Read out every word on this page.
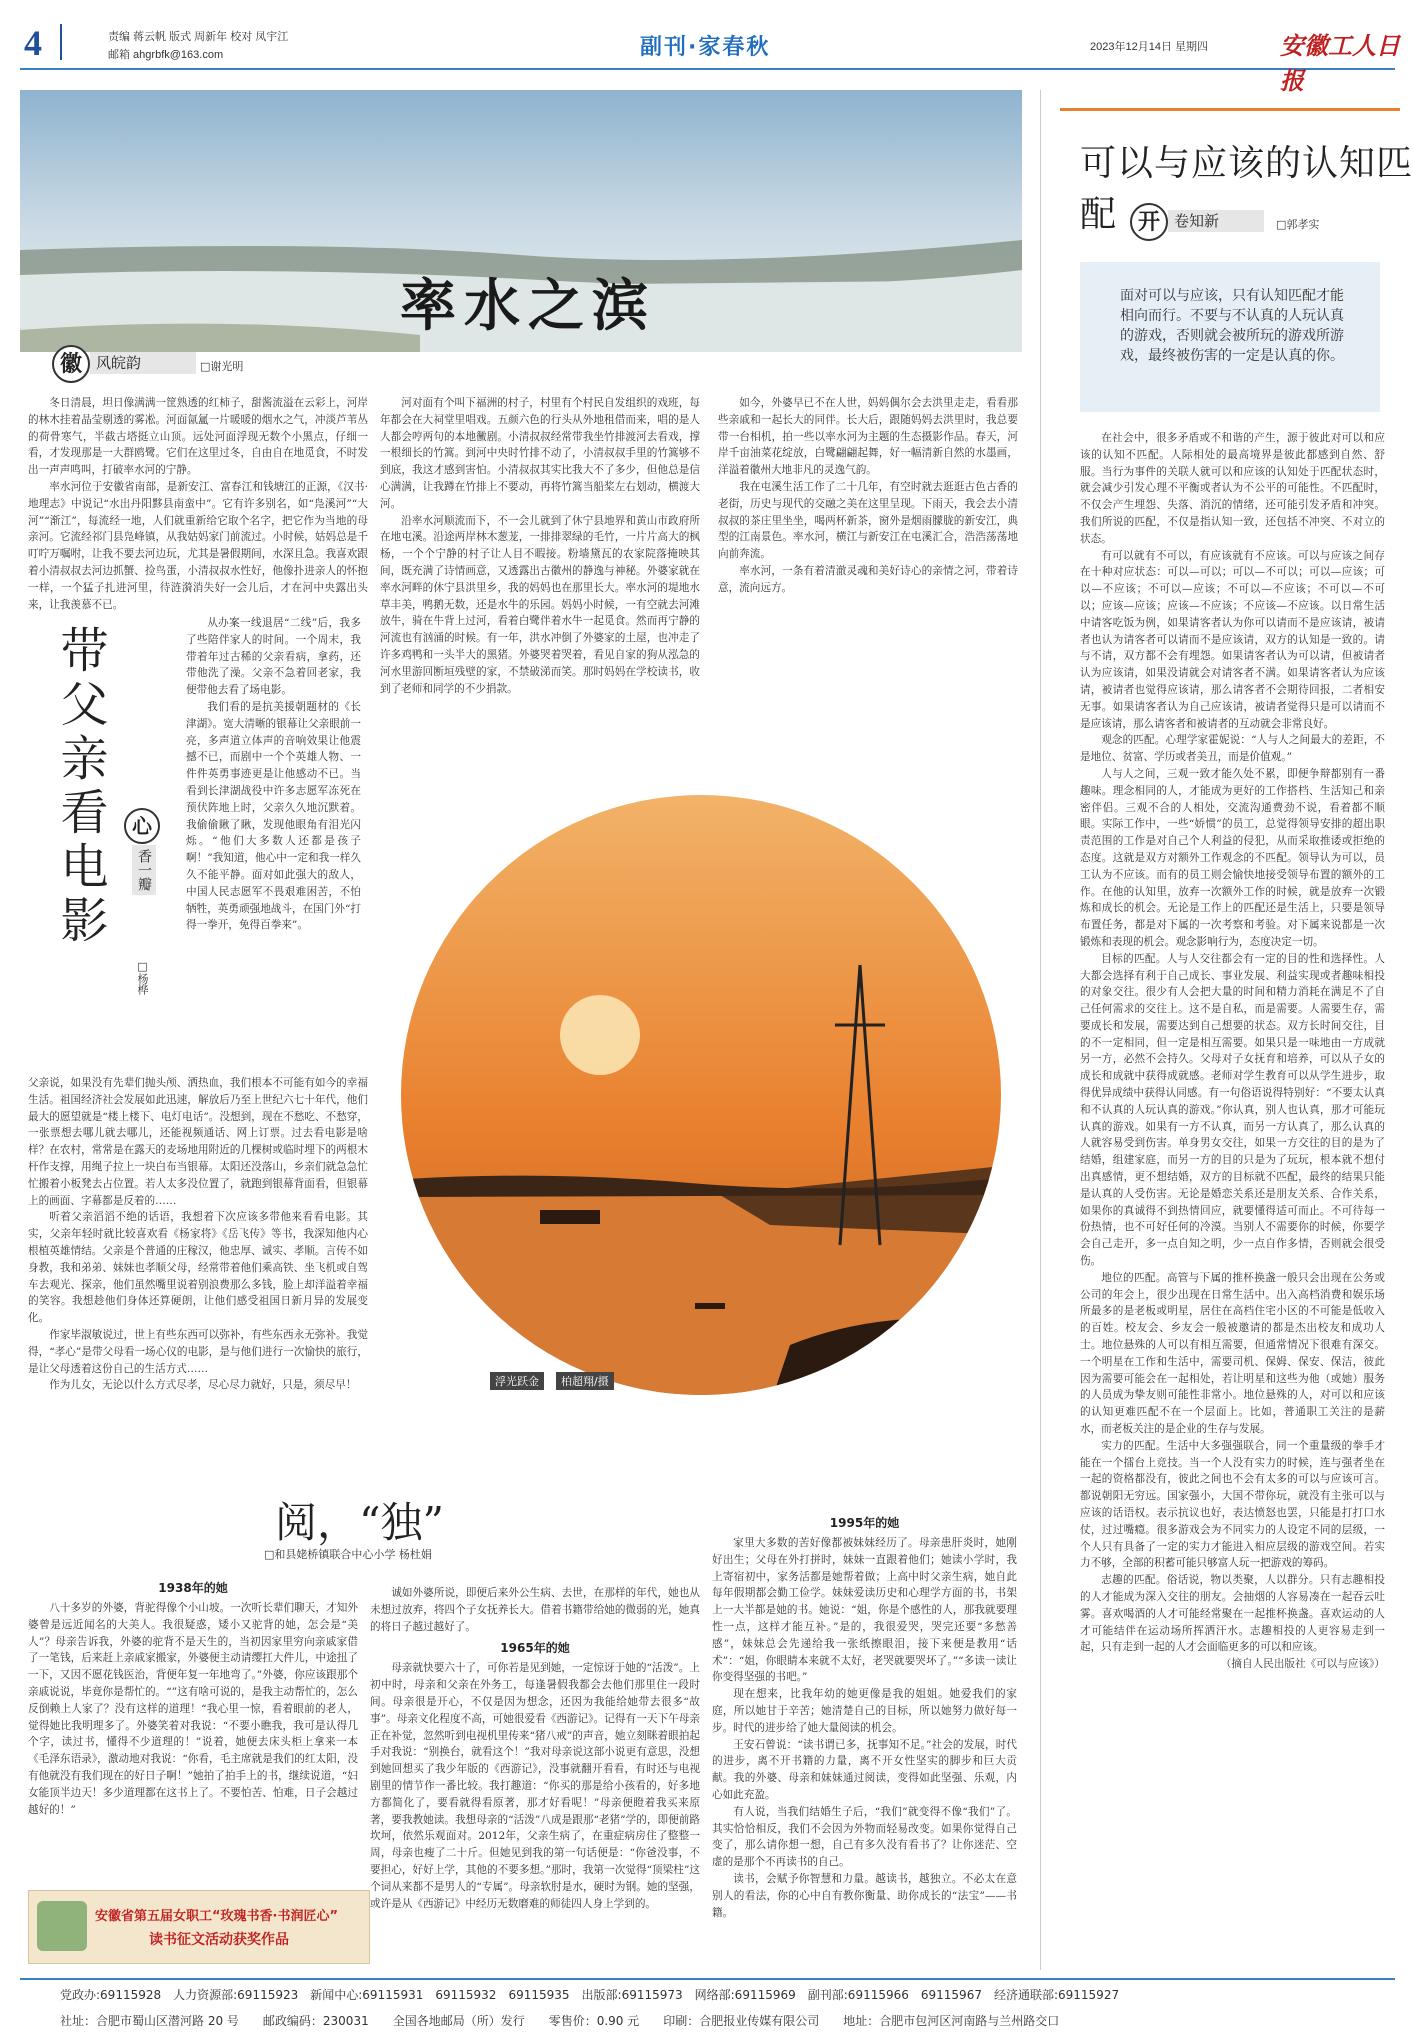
4	责编 蒋云帆 版式 周新年 校对 凤宇江
邮箱 ahgrbfk@163.com	副刊·家春秋	2023年12月14日 星期四	安徽工人日报
率水之滨
徽 风皖韵	□谢光明

冬日清晨，坦日像满满一筐熟透的红柿子，甜酱流溢在云彩上，河岸的林木挂着晶莹剔透的雾凇。河面氤氲一片暖暖的烟水之气，冲淡芦苇丛的荷骨寒气，半截古塔挺立山顶。远处河面浮现无数个小黑点，仔细一看，才发现那是一大群鸥鹭。它们在这里过冬，自由自在地觅食，不时发出一声声鸣叫，打破率水河的宁静。

率水河位于安徽省南部，是新安江、富春江和钱塘江的正源，《汉书·地理志》中说记“水出丹阳黟县南蛮中”。它有许多别名，如“凫溪河”“大河”“渐江”，每流经一地，人们就重新给它取个名字，把它作为当地的母亲河。它流经祁门县凫峰镇，从我姑妈家门前流过。小时候，姑妈总是千叮咛万嘱咐，让我不要去河边玩，尤其是暑假期间，水深且急。我喜欢跟着小清叔叔去河边抓蟹、捡鸟蛋，小清叔叔水性好，他像扑进亲人的怀抱一样，一个猛子扎进河里，待涟漪消失好一会儿后，才在河中央露出头来，让我羡慕不已。

河对面有个叫下福洲的村子，村里有个村民自发组织的戏班，每年都会在大祠堂里唱戏。五颜六色的行头从外地租借而来，唱的是人人都会哼两句的本地黴剧。小清叔叔经常带我坐竹排渡河去看戏，撑一根细长的竹篙。到河中央时竹排不动了，小清叔叔手里的竹篙够不到底，我这才感到害怕。小清叔叔其实比我大不了多少，但他总是信心满满，让我蹲在竹排上不要动，再将竹篙当船桨左右划动，横渡大河。

沿率水河顺流而下，不一会儿就到了休宁县地界和黄山市政府所在地屯溪。沿途两岸林木葱茏，一排排翠绿的毛竹，一片片高大的枫杨，一个个宁静的村子让人目不暇接。粉墙黛瓦的农家院落掩映其间，既充满了诗情画意，又透露出古徽州的静逸与神秘。外婆家就在率水河畔的休宁县洪里乡，我的妈妈也在那里长大。率水河的堤地水草丰美，鸭鹅无数，还是水牛的乐园。妈妈小时候，一有空就去河滩放牛，骑在牛背上过河，看着白鹭伴着水牛一起觅食。然而再宁静的河流也有汹涌的时候。有一年，洪水冲倒了外婆家的土屋，也冲走了许多鸡鸭和一头半大的黑猪。外婆哭着哭着，看见自家的狗从泓急的河水里游回断垣残壁的家，不禁破涕而笑。那时妈妈在学校读书，收到了老师和同学的不少捐款。

如今，外婆早已不在人世，妈妈偶尔会去洪里走走，看看那些亲戚和一起长大的同伴。长大后，跟随妈妈去洪里时，我总要带一台相机，拍一些以率水河为主题的生态摄影作品。春天，河岸千亩油菜花绽放，白鹭翩翩起舞，好一幅清新自然的水墨画，洋溢着徽州大地非凡的灵逸气韵。

我在屯溪生活工作了二十几年，有空时就去逛逛古色古香的老街，历史与现代的交融之美在这里呈现。下雨天，我会去小清叔叔的茶庄里坐坐，喝两杯新茶，窗外是烟雨朦胧的新安江，典型的江南景色。率水河，横江与新安江在屯溪汇合，浩浩荡荡地向前奔流。

率水河，一条有着清澈灵魂和美好诗心的亲情之河，带着诗意，流向远方。

带父亲看电影	心
香一瓣
□杨桦

从办案一线退居“二线”后，我多了些陪伴家人的时间。一个周末，我带着年过古稀的父亲看病，拿药，还带他洗了澡。父亲不急着回老家，我便带他去看了场电影。

我们看的是抗美援朝题材的《长津湖》。宽大清晰的银幕让父亲眼前一亮，多声道立体声的音响效果让他震撼不已，而剧中一个个英雄人物、一件件英勇事迹更是让他感动不已。当看到长津湖战役中许多志愿军冻死在预伏阵地上时，父亲久久地沉默着。我偷偷瞅了瞅，发现他眼角有泪光闪烁。“他们大多数人还都是孩子啊！”我知道，他心中一定和我一样久久不能平静。面对如此强大的敌人，中国人民志愿军不畏艰难困苦，不怕牺牲，英勇顽强地战斗，在国门外“打得一拳开，免得百拳来”。

父亲说，如果没有先辈们抛头颅、洒热血，我们根本不可能有如今的幸福生活。祖国经济社会发展如此迅速，解放后乃至上世纪六七十年代，他们最大的愿望就是“楼上楼下、电灯电话”。没想到，现在不愁吃、不愁穿，一张票想去哪儿就去哪儿，还能视频通话、网上订票。过去看电影是啥样？在农村，常常是在露天的麦场地用附近的几棵树或临时埋下的两根木杆作支撑，用绳子拉上一块白布当银幕。太阳还没落山，乡亲们就急急忙忙搬着小板凳去占位置。若人太多没位置了，就跑到银幕背面看，但银幕上的画面、字幕都是反着的……

听着父亲滔滔不绝的话语，我想着下次应该多带他来看看电影。其实，父亲年轻时就比较喜欢看《杨家将》《岳飞传》等书，我深知他内心根植英雄情结。父亲是个普通的庄稼汉，他忠厚、诚实、孝顺。言传不如身教，我和弟弟、妹妹也孝顺父母，经常带着他们乘高铁、坐飞机或自驾车去观光、探亲，他们虽然嘴里说着别浪费那么多钱，脸上却洋溢着幸福的笑容。我想趁他们身体还算硬朗，让他们感受祖国日新月异的发展变化。

作家毕淑敏说过，世上有些东西可以弥补，有些东西永无弥补。我觉得，“孝心”是带父母看一场心仪的电影，是与他们进行一次愉快的旅行，是让父母透着这份自己的生活方式……

作为儿女，无论以什么方式尽孝，尽心尽力就好，只是，须尽早！	浮光跃金	柏超翔/摄
阅，“独”
□和县姥桥镇联合中心小学 杨杜娟
1938年的她

八十多岁的外婆，背驼得像个小山坡。一次听长辈们聊天，才知外婆曾是远近闻名的大美人。我很疑惑，矮小又驼背的她，怎会是“美人”？母亲告诉我，外婆的驼背不是天生的，当初因家里穷向亲戚家借了一笔钱，后来赶上亲戚家搬家，外婆便主动请缨扛大件儿，中途扭了一下，又因不愿花钱医治，背便年复一年地弯了。”外婆，你应该跟那个亲戚说说，毕竟你是帮忙的。“”这有啥可说的，是我主动帮忙的，怎么反倒赖上人家了？没有这样的道理！“我心里一惊，看着眼前的老人，觉得她比我明理多了。外婆笑着对我说：“不要小瞧我，我可是认得几个字，读过书，懂得不少道理的！”说着，她便去床头柜上拿来一本《毛泽东语录》，激动地对我说：“你看，毛主席就是我们的红太阳，没有他就没有我们现在的好日子啊！”她拍了拍手上的书，继续说道，“妇女能顶半边天！多少道理都在这书上了。不要怕苦、怕难，日子会越过越好的！”

诚如外婆所说，即便后来外公生病、去世，在那样的年代，她也从未想过放弃，将四个子女抚养长大。借着书籍带给她的微弱的光，她真的将日子越过越好了。

1965年的她

母亲就快要六十了，可你若是见到她，一定惊讶于她的“活泼”。上初中时，母亲和父亲在外务工，每逢暑假我都会去他们那里住一段时间。母亲很是开心，不仅是因为想念，还因为我能给她带去很多“故事”。母亲文化程度不高，可她很爱看《西游记》。记得有一天下午母亲正在补觉，忽然听到电视机里传来“猪八戒”的声音，她立刻眯着眼拍起手对我说：“别换台，就看这个！”我对母亲说这部小说更有意思，没想到她回想买了我少年版的《西游记》，没事就翻开看看，有时还与电视剧里的情节作一番比较。我打趣道：“你买的那是给小孩看的，好多地方都简化了，要看就得看原著，那才好看呢！”母亲便瞪着我买来原著，要我教她读。我想母亲的“活泼”八成是跟那“老猪”学的，即便前路坎坷，依然乐观面对。2012年，父亲生病了，在重症病房住了整整一周，母亲也瘦了二十斤。但她见到我的第一句话便是：“你爸没事，不要担心，好好上学，其他的不要多想。”那时，我第一次觉得“顶梁柱”这个词从来都不是男人的“专属”。母亲软肘是水，硬时为钢。她的坚强，或许是从《西游记》中经历无数磨难的师徒四人身上学到的。

1995年的她

家里大多数的苦好像都被妹妹经历了。母亲患肝炎时，她刚好出生；父母在外打拼时，妹妹一直跟着他们；她读小学时，我上寄宿初中，家务活都是她帮着做；上高中时父亲生病，她自此每年假期都会勤工俭学。妹妹爱读历史和心理学方面的书，书架上一大半都是她的书。她说：“姐，你是个感性的人，那我就要理性一点，这样才能互补。”是的，我很爱哭，哭完还要“多愁善感”，妹妹总会先递给我一张纸擦眼泪，接下来便是教用“话术”：“姐，你眼睛本来就不太好，老哭就要哭坏了。”“多读一读让你变得坚强的书吧。”

现在想来，比我年幼的她更像是我的姐姐。她爱我们的家庭，所以她甘于辛苦；她清楚自己的目标，所以她努力做好每一步。时代的进步给了她大量阅读的机会。

王安石曾说：“读书谓已多，抚事知不足。”社会的发展，时代的进步，离不开书籍的力量，离不开女性坚实的脚步和巨大贡献。我的外婆、母亲和妹妹通过阅读，变得如此坚强、乐观，内心如此充盈。

有人说，当我们结婚生子后，“我们”就变得不像“我们”了。其实恰恰相反，我们不会因为外物而轻易改变。如果你觉得自己变了，那么请你想一想，自己有多久没有看书了？让你迷茫、空虚的是那个不再读书的自己。

读书，会赋予你智慧和力量。越读书，越独立。不必太在意别人的看法，你的心中自有教你衡量、助你成长的“法宝”——书籍。

安徽省第五届女职工“玫瑰书香·书润匠心”
读书征文活动获奖作品
可以与应该的认知匹配 开 卷知新	□郭孝实
面对可以与应该，只有认知匹配才能相向而行。不要与不认真的人玩认真的游戏，否则就会被所玩的游戏所游戏，最终被伤害的一定是认真的你。

在社会中，很多矛盾或不和谐的产生，源于彼此对可以和应该的认知不匹配。人际相处的最高境界是彼此都感到自然、舒服。当行为事件的关联人就可以和应该的认知处于匹配状态时，就会减少引发心理不平衡或者认为不公平的可能性。不匹配时，不仅会产生埋怨、失落、消沉的情绪，还可能引发矛盾和冲突。我们所说的匹配，不仅是指认知一致，还包括不冲突、不对立的状态。

有可以就有不可以，有应该就有不应该。可以与应该之间存在十种对应状态：可以—可以；可以—不可以；可以—应该；可以—不应该；不可以—应该；不可以—不应该；不可以—不可以；应该—应该；应该—不应该；不应该—不应该。以日常生活中请客吃饭为例，如果请客者认为你可以请而不是应该请，被请者也认为请客者可以请而不是应该请，双方的认知是一致的。请与不请，双方都不会有埋怨。如果请客者认为可以请，但被请者认为应该请，如果没请就会对请客者不满。如果请客者认为应该请，被请者也觉得应该请，那么请客者不会期待回报，二者相安无事。如果请客者认为自己应该请，被请者觉得只是可以请而不是应该请，那么请客者和被请者的互动就会非常良好。

观念的匹配。心理学家霍妮说：“人与人之间最大的差距，不是地位、贫富、学历或者美丑，而是价值观。”

人与人之间，三观一致才能久处不累，即便争辩都别有一番趣味。理念相同的人，才能成为更好的工作搭档、生活知己和亲密伴侣。三观不合的人相处，交流沟通费劲不说，看着都不顺眼。实际工作中，一些“娇惯”的员工，总觉得领导安排的超出职责范围的工作是对自己个人利益的侵犯，从而采取推诿或拒绝的态度。这就是双方对额外工作观念的不匹配。领导认为可以，员工认为不应该。而有的员工则会愉快地接受领导布置的额外的工作。在他的认知里，放弃一次额外工作的时候，就是放弃一次锻炼和成长的机会。无论是工作上的匹配还是生活上，只要是领导布置任务，都是对下属的一次考察和考验。对下属来说都是一次锻炼和表现的机会。观念影响行为，态度决定一切。

目标的匹配。人与人交往都会有一定的目的性和选择性。人大都会选择有利于自己成长、事业发展、利益实现或者趣味相投的对象交往。很少有人会把大量的时间和精力消耗在满足不了自己任何需求的交往上。这不是自私，而是需要。人需要生存，需要成长和发展，需要达到自己想要的状态。双方长时间交往，目的不一定相同，但一定是相互需要。如果只是一味地由一方成就另一方，必然不会持久。父母对子女抚育和培养，可以从子女的成长和成就中获得成就感。老师对学生教育可以从学生进步，取得优异成绩中获得认同感。有一句俗语说得特别好：“不要太认真和不认真的人玩认真的游戏。”你认真，别人也认真，那才可能玩认真的游戏。如果有一方不认真，而另一方认真了，那么认真的人就容易受到伤害。单身男女交往，如果一方交往的目的是为了结婚，组建家庭，而另一方的目的只是为了玩玩，根本就不想付出真感情，更不想结婚，双方的目标就不匹配，最终的结果只能是认真的人受伤害。无论是婚恋关系还是朋友关系、合作关系，如果你的真诚得不到热情回应，就要懂得适可而止。不可待每一份热情，也不可好任何的冷漠。当别人不需要你的时候，你要学会自己走开，多一点自知之明，少一点自作多情，否则就会很受伤。

地位的匹配。高管与下属的推杯换盏一般只会出现在公务或公司的年会上，很少出现在日常生活中。出入高档消费和娱乐场所最多的是老板或明星，居住在高档住宅小区的不可能是低收入的百姓。校友会、乡友会一般被邀请的都是杰出校友和成功人士。地位悬殊的人可以有相互需要，但通常情况下很难有深交。一个明星在工作和生活中，需要司机、保姆、保安、保洁，彼此因为需要可能会在一起相处，若让明星和这些为他（或她）服务的人员成为挚友则可能性非常小。地位悬殊的人，对可以和应该的认知更难匹配不在一个层面上。比如，普通职工关注的是薪水，而老板关注的是企业的生存与发展。

实力的匹配。生活中大多强强联合，同一个重量级的拳手才能在一个擂台上竞技。当一个人没有实力的时候，连与强者坐在一起的资格都没有，彼此之间也不会有太多的可以与应该可言。都说朝阳无穷远。国家强小，大国不带你玩，就没有主张可以与应该的话语权。表示抗议也好，表达愤怒也罢，只能是打打口水仗，过过嘴瘾。很多游戏会为不同实力的人设定不同的层级，一个人只有具备了一定的实力才能进入相应层级的游戏空间。若实力不够，全部的积蓄可能只够富人玩一把游戏的筹码。

志趣的匹配。俗话说，物以类聚，人以群分。只有志趣相投的人才能成为深入交往的朋友。会抽烟的人容易凑在一起吞云吐雾。喜欢喝酒的人才可能经常聚在一起推杯换盏。喜欢运动的人才可能结伴在运动场所挥洒汗水。志趣相投的人更容易走到一起，只有走到一起的人才会面临更多的可以和应该。

（摘自人民出版社《可以与应该》）

党政办:69115928　人力资源部:69115923　新闻中心:69115931　69115932　69115935　出版部:69115973　网络部:69115969　副刊部:69115966　69115967　经济通联部:69115927
社址：合肥市蜀山区潜河路 20 号　　邮政编码：230031　　全国各地邮局（所）发行　　零售价：0.90 元　　印刷：合肥报业传媒有限公司　　地址：合肥市包河区河南路与兰州路交口
